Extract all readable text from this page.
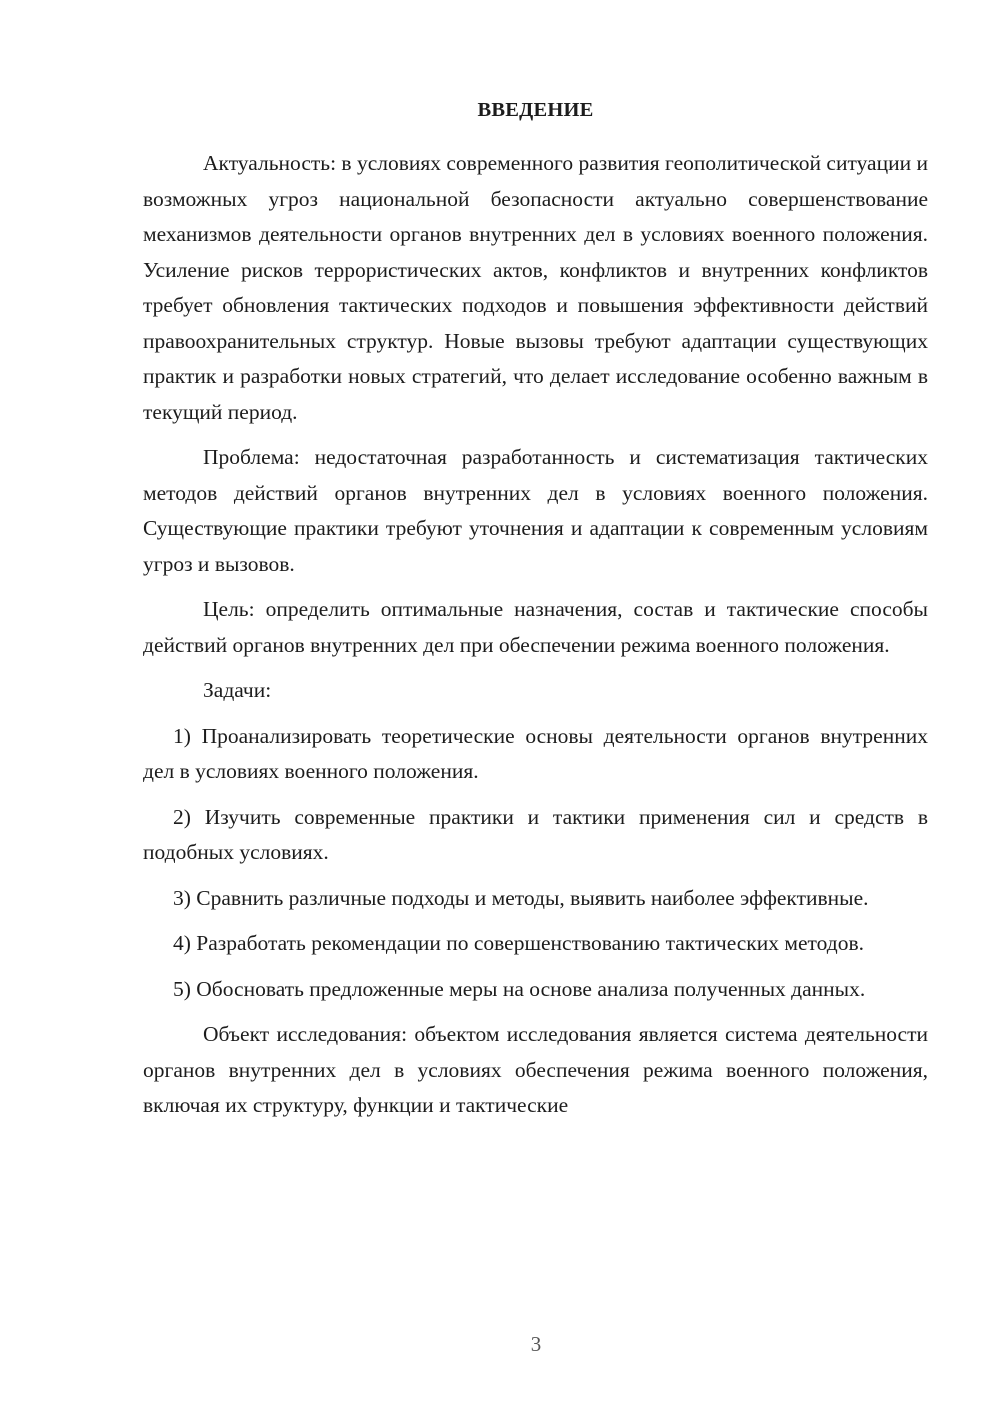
ВВЕДЕНИЕ

Актуальность: в условиях современного развития геополитической ситуации и возможных угроз национальной безопасности актуально совершенствование механизмов деятельности органов внутренних дел в условиях военного положения. Усиление рисков террористических актов, конфликтов и внутренних конфликтов требует обновления тактических подходов и повышения эффективности действий правоохранительных структур. Новые вызовы требуют адаптации существующих практик и разработки новых стратегий, что делает исследование особенно важным в текущий период.

Проблема: недостаточная разработанность и систематизация тактических методов действий органов внутренних дел в условиях военного положения. Существующие практики требуют уточнения и адаптации к современным условиям угроз и вызовов.

Цель: определить оптимальные назначения, состав и тактические способы действий органов внутренних дел при обеспечении режима военного положения.

Задачи:

1) Проанализировать теоретические основы деятельности органов внутренних дел в условиях военного положения.

2) Изучить современные практики и тактики применения сил и средств в подобных условиях.

3) Сравнить различные подходы и методы, выявить наиболее эффективные.

4) Разработать рекомендации по совершенствованию тактических методов.

5) Обосновать предложенные меры на основе анализа полученных данных.

Объект исследования: объектом исследования является система деятельности органов внутренних дел в условиях обеспечения режима военного положения, включая их структуру, функции и тактические

3
